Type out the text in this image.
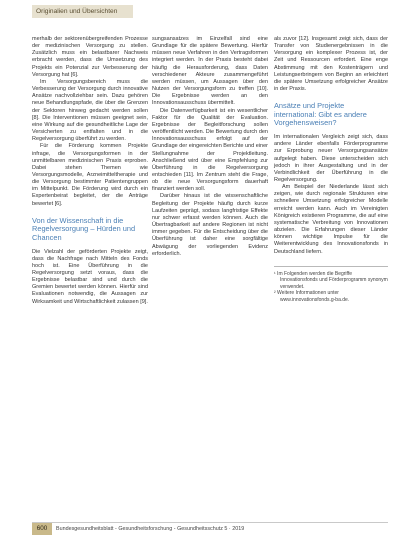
Originalien und Übersichten

merhalb der sektorenübergreifenden Prozesse der medizinischen Versorgung zu stellen. Zusätzlich muss ein belastbarer Nachweis erbracht werden, dass die Umsetzung des Projekts ein Potenzial zur Verbesserung der Versorgung hat [6].

Im Versorgungsbereich muss die Verbesserung der Versorgung durch innovative Ansätze nachvollziehbar sein. Dazu gehören neue Behandlungspfade, die über die Grenzen der Sektoren hinweg gedacht werden sollen [8]. Die Interventionen müssen geeignet sein, eine Wirkung auf die gesundheitliche Lage der Versicherten zu entfalten und in die Regelversorgung überführt zu werden.

Für die Förderung kommen Projekte infrage, die Versorgungsformen in der unmittelbaren medizinischen Praxis erproben. Dabei stehen Themen wie Versorgungsmodelle, Arzneimitteltherapie und die Versorgung bestimmter Patientengruppen im Mittelpunkt. Die Förderung wird durch ein Expertenbeirat begleitet, der die Anträge bewertet [6].

Von der Wissenschaft in die Regelversorgung – Hürden und Chancen

Die Vielzahl der geförderten Projekte zeigt, dass die Nachfrage nach Mitteln des Fonds hoch ist. Eine Überführung in die Regelversorgung setzt voraus, dass die Ergebnisse belastbar sind und durch die Gremien bewertet werden können. Hierfür sind Evaluationen notwendig, die Aussagen zur Wirksamkeit und Wirtschaftlichkeit zulassen [9].

sungsansatzes im Einzelfall sind eine Grundlage für die spätere Bewertung. Hierfür müssen neue Verfahren in den Vertragsformen integriert werden. In der Praxis besteht dabei häufig die Herausforderung, dass Daten verschiedener Akteure zusammengeführt werden müssen, um Aussagen über den Nutzen der Versorgungsform zu treffen [10]. Die Ergebnisse werden an den Innovationsausschuss übermittelt.

Die Datenverfügbarkeit ist ein wesentlicher Faktor für die Qualität der Evaluation. Ergebnisse der Begleitforschung sollen veröffentlicht werden. Die Bewertung durch den Innovationsausschuss erfolgt auf der Grundlage der eingereichten Berichte und einer Stellungnahme der Projektleitung. Anschließend wird über eine Empfehlung zur Überführung in die Regelversorgung entschieden [11]. Im Zentrum steht die Frage, ob die neue Versorgungsform dauerhaft finanziert werden soll.

Darüber hinaus ist die wissenschaftliche Begleitung der Projekte häufig durch kurze Laufzeiten geprägt, sodass langfristige Effekte nur schwer erfasst werden können. Auch die Übertragbarkeit auf andere Regionen ist nicht immer gegeben. Für die Entscheidung über die Überführung ist daher eine sorgfältige Abwägung der vorliegenden Evidenz erforderlich.

als zuvor [12]. Insgesamt zeigt sich, dass der Transfer von Studienergebnissen in die Versorgung ein komplexer Prozess ist, der Zeit und Ressourcen erfordert. Eine enge Abstimmung mit den Kostenträgern und Leistungserbringern von Beginn an erleichtert die spätere Umsetzung erfolgreicher Ansätze in der Praxis.

Ansätze und Projekte international: Gibt es andere Vorgehensweisen?

Im internationalen Vergleich zeigt sich, dass andere Länder ebenfalls Förderprogramme zur Erprobung neuer Versorgungsansätze aufgelegt haben. Diese unterscheiden sich jedoch in ihrer Ausgestaltung und in der Verbindlichkeit der Überführung in die Regelversorgung.

Am Beispiel der Niederlande lässt sich zeigen, wie durch regionale Strukturen eine schnellere Umsetzung erfolgreicher Modelle erreicht werden kann. Auch im Vereinigten Königreich existieren Programme, die auf eine systematische Verbreitung von Innovationen abzielen. Die Erfahrungen dieser Länder können wichtige Impulse für die Weiterentwicklung des Innovationsfonds in Deutschland liefern.

¹ Im Folgenden werden die Begriffe Innovationsfonds und Förderprogramm synonym verwendet.
² Weitere Informationen unter www.innovationsfonds.g-ba.de.
600	Bundesgesundheitsblatt - Gesundheitsforschung - Gesundheitsschutz 5 · 2019
